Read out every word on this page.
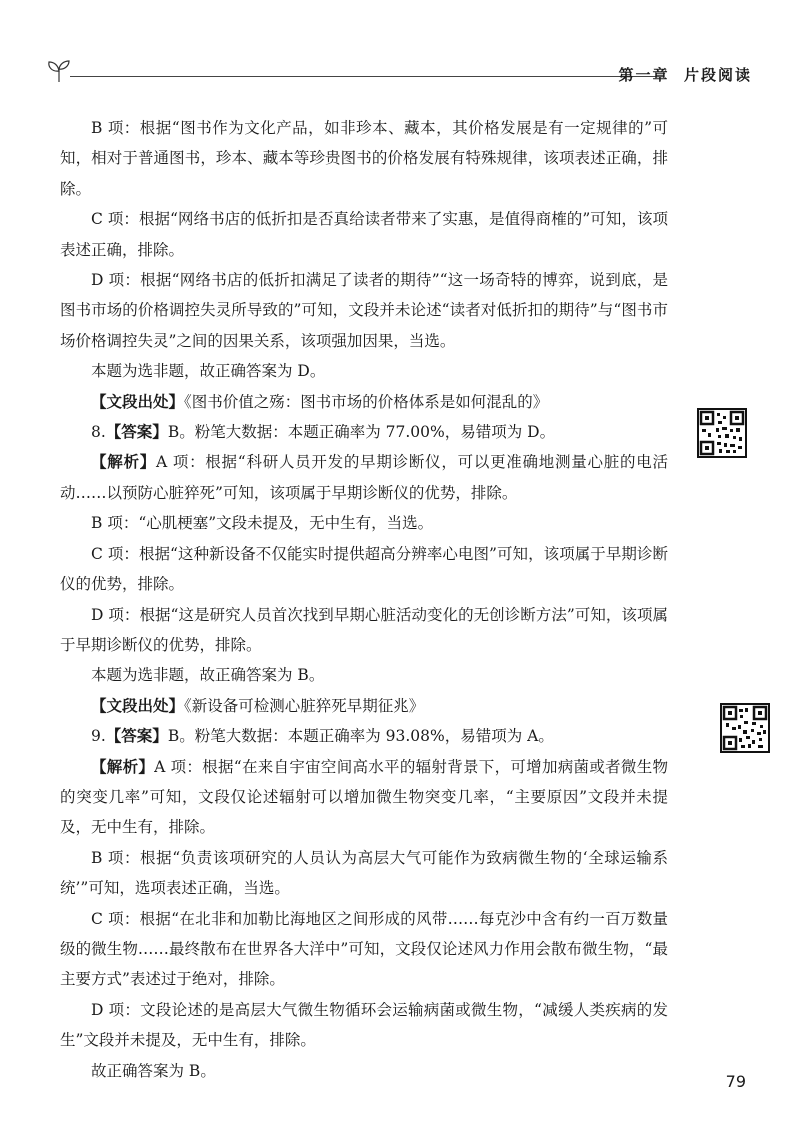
第一章 片段阅读

B 项：根据“图书作为文化产品，如非珍本、藏本，其价格发展是有一定规律的”可知，相对于普通图书，珍本、藏本等珍贵图书的价格发展有特殊规律，该项表述正确，排除。

C 项：根据“网络书店的低折扣是否真给读者带来了实惠，是值得商榷的”可知，该项表述正确，排除。

D 项：根据“网络书店的低折扣满足了读者的期待”“这一场奇特的博弈，说到底，是图书市场的价格调控失灵所导致的”可知，文段并未论述“读者对低折扣的期待”与“图书市场价格调控失灵”之间的因果关系，该项强加因果，当选。

本题为选非题，故正确答案为 D。

【文段出处】《图书价值之殇：图书市场的价格体系是如何混乱的》

8.【答案】B。粉笔大数据：本题正确率为 77.00%，易错项为 D。

【解析】A 项：根据“科研人员开发的早期诊断仪，可以更准确地测量心脏的电活动……以预防心脏猝死”可知，该项属于早期诊断仪的优势，排除。

B 项：“心肌梗塞”文段未提及，无中生有，当选。

C 项：根据“这种新设备不仅能实时提供超高分辨率心电图”可知，该项属于早期诊断仪的优势，排除。

D 项：根据“这是研究人员首次找到早期心脏活动变化的无创诊断方法”可知，该项属于早期诊断仪的优势，排除。

本题为选非题，故正确答案为 B。

【文段出处】《新设备可检测心脏猝死早期征兆》

9.【答案】B。粉笔大数据：本题正确率为 93.08%，易错项为 A。

【解析】A 项：根据“在来自宇宙空间高水平的辐射背景下，可增加病菌或者微生物的突变几率”可知，文段仅论述辐射可以增加微生物突变几率，“主要原因”文段并未提及，无中生有，排除。

B 项：根据“负责该项研究的人员认为高层大气可能作为致病微生物的‘全球运输系统’”可知，选项表述正确，当选。

C 项：根据“在北非和加勒比海地区之间形成的风带……每克沙中含有约一百万数量级的微生物……最终散布在世界各大洋中”可知，文段仅论述风力作用会散布微生物，“最主要方式”表述过于绝对，排除。

D 项：文段论述的是高层大气微生物循环会运输病菌或微生物，“减缓人类疾病的发生”文段并未提及，无中生有，排除。

故正确答案为 B。

79
